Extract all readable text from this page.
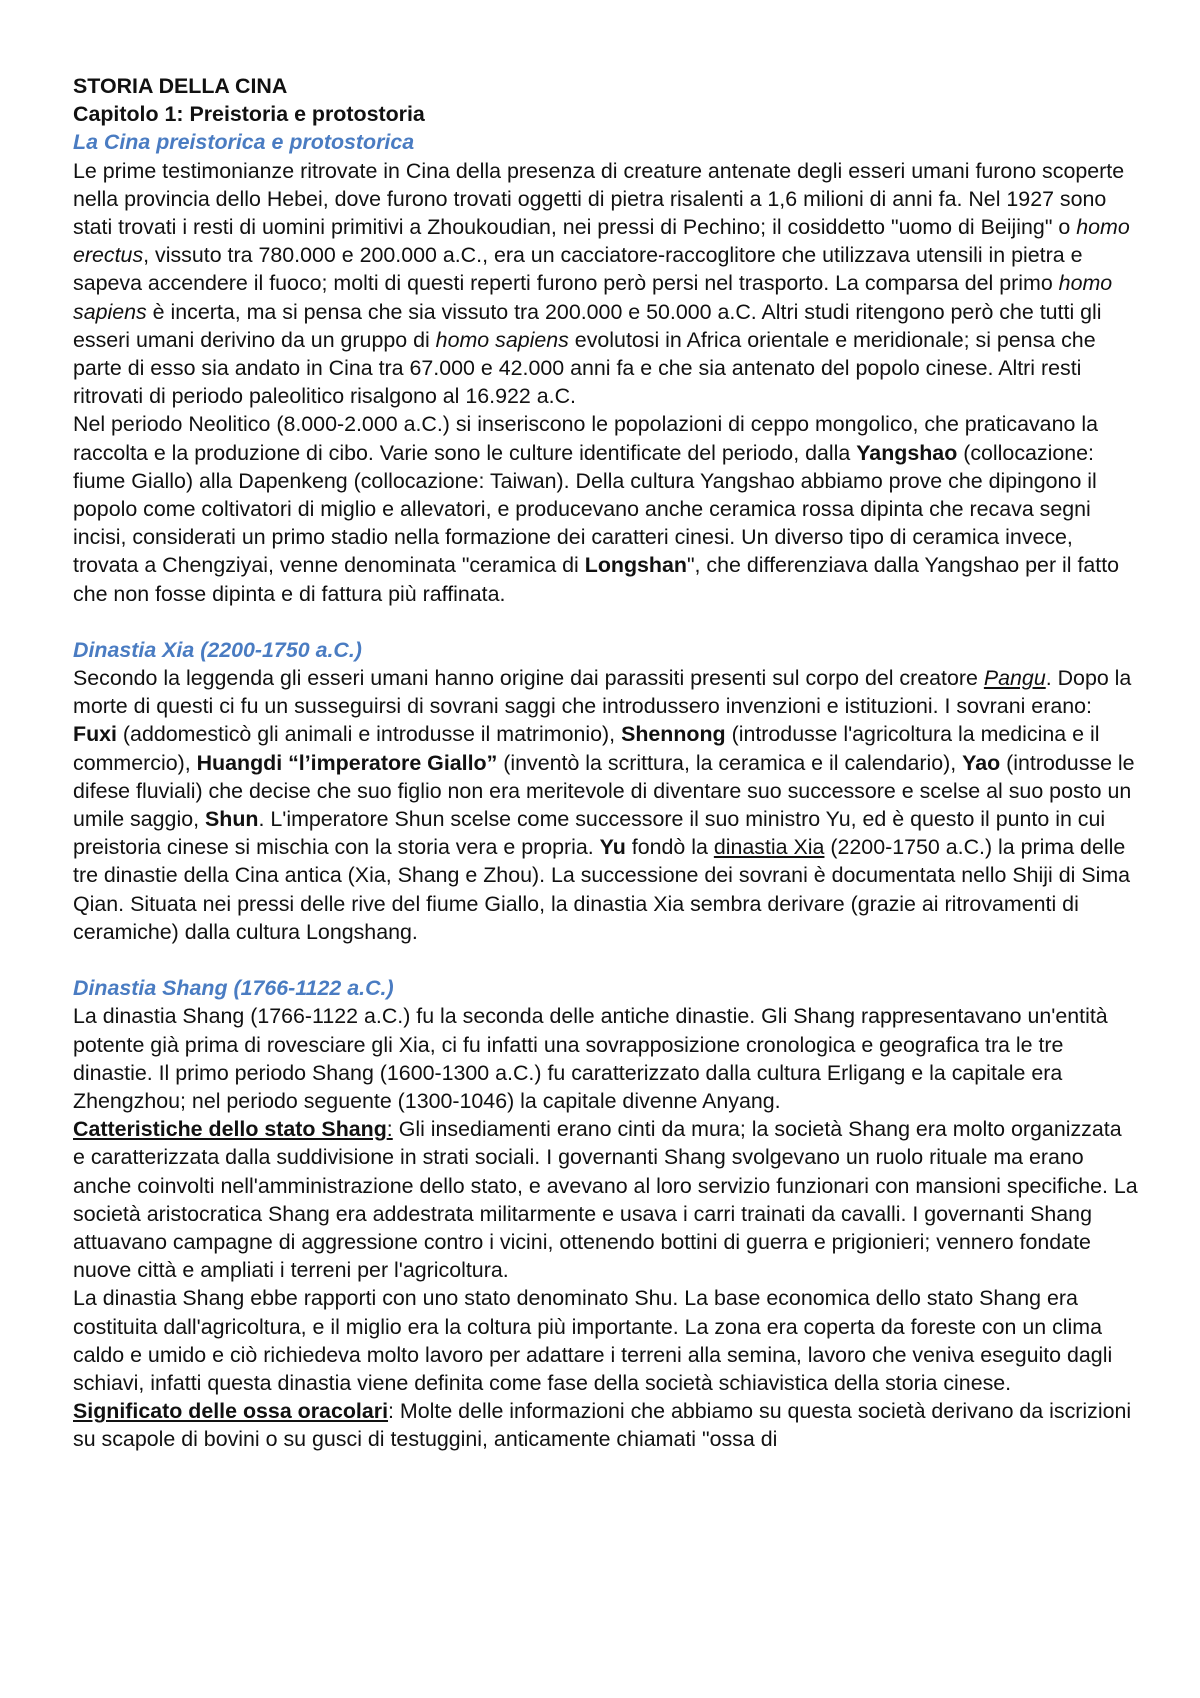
STORIA DELLA CINA

Capitolo 1: Preistoria e protostoria

La Cina preistorica e protostorica

Le prime testimonianze ritrovate in Cina della presenza di creature antenate degli esseri umani furono scoperte nella provincia dello Hebei, dove furono trovati oggetti di pietra risalenti a 1,6 milioni di anni fa. Nel 1927 sono stati trovati i resti di uomini primitivi a Zhoukoudian, nei pressi di Pechino; il cosiddetto "uomo di Beijing" o homo erectus, vissuto tra 780.000 e 200.000 a.C., era un cacciatore-raccoglitore che utilizzava utensili in pietra e sapeva accendere il fuoco; molti di questi reperti furono però persi nel trasporto. La comparsa del primo homo sapiens è incerta, ma si pensa che sia vissuto tra 200.000 e 50.000 a.C. Altri studi ritengono però che tutti gli esseri umani derivino da un gruppo di homo sapiens evolutosi in Africa orientale e meridionale; si pensa che parte di esso sia andato in Cina tra 67.000 e 42.000 anni fa e che sia antenato del popolo cinese. Altri resti ritrovati di periodo paleolitico risalgono al 16.922 a.C.

Nel periodo Neolitico (8.000-2.000 a.C.) si inseriscono le popolazioni di ceppo mongolico, che praticavano la raccolta e la produzione di cibo. Varie sono le culture identificate del periodo, dalla Yangshao (collocazione: fiume Giallo) alla Dapenkeng (collocazione: Taiwan). Della cultura Yangshao abbiamo prove che dipingono il popolo come coltivatori di miglio e allevatori, e producevano anche ceramica rossa dipinta che recava segni incisi, considerati un primo stadio nella formazione dei caratteri cinesi. Un diverso tipo di ceramica invece, trovata a Chengziyai, venne denominata "ceramica di Longshan", che differenziava dalla Yangshao per il fatto che non fosse dipinta e di fattura più raffinata.

Dinastia Xia (2200-1750 a.C.)

Secondo la leggenda gli esseri umani hanno origine dai parassiti presenti sul corpo del creatore Pangu. Dopo la morte di questi ci fu un susseguirsi di sovrani saggi che introdussero invenzioni e istituzioni. I sovrani erano: Fuxi (addomesticò gli animali e introdusse il matrimonio), Shennong (introdusse l'agricoltura la medicina e il commercio), Huangdi “l’imperatore Giallo” (inventò la scrittura, la ceramica e il calendario), Yao (introdusse le difese fluviali) che decise che suo figlio non era meritevole di diventare suo successore e scelse al suo posto un umile saggio, Shun. L'imperatore Shun scelse come successore il suo ministro Yu, ed è questo il punto in cui preistoria cinese si mischia con la storia vera e propria. Yu fondò la dinastia Xia (2200-1750 a.C.) la prima delle tre dinastie della Cina antica (Xia, Shang e Zhou). La successione dei sovrani è documentata nello Shiji di Sima Qian. Situata nei pressi delle rive del fiume Giallo, la dinastia Xia sembra derivare (grazie ai ritrovamenti di ceramiche) dalla cultura Longshang.

Dinastia Shang (1766-1122 a.C.)

La dinastia Shang (1766-1122 a.C.) fu la seconda delle antiche dinastie. Gli Shang rappresentavano un'entità potente già prima di rovesciare gli Xia, ci fu infatti una sovrapposizione cronologica e geografica tra le tre dinastie. Il primo periodo Shang (1600-1300 a.C.) fu caratterizzato dalla cultura Erligang e la capitale era Zhengzhou; nel periodo seguente (1300-1046) la capitale divenne Anyang.

Catteristiche dello stato Shang: Gli insediamenti erano cinti da mura; la società Shang era molto organizzata e caratterizzata dalla suddivisione in strati sociali. I governanti Shang svolgevano un ruolo rituale ma erano anche coinvolti nell'amministrazione dello stato, e avevano al loro servizio funzionari con mansioni specifiche. La società aristocratica Shang era addestrata militarmente e usava i carri trainati da cavalli. I governanti Shang attuavano campagne di aggressione contro i vicini, ottenendo bottini di guerra e prigionieri; vennero fondate nuove città e ampliati i terreni per l'agricoltura.

La dinastia Shang ebbe rapporti con uno stato denominato Shu. La base economica dello stato Shang era costituita dall'agricoltura, e il miglio era la coltura più importante. La zona era coperta da foreste con un clima caldo e umido e ciò richiedeva molto lavoro per adattare i terreni alla semina, lavoro che veniva eseguito dagli schiavi, infatti questa dinastia viene definita come fase della società schiavistica della storia cinese.

Significato delle ossa oracolari: Molte delle informazioni che abbiamo su questa società derivano da iscrizioni su scapole di bovini o su gusci di testuggini, anticamente chiamati "ossa di
